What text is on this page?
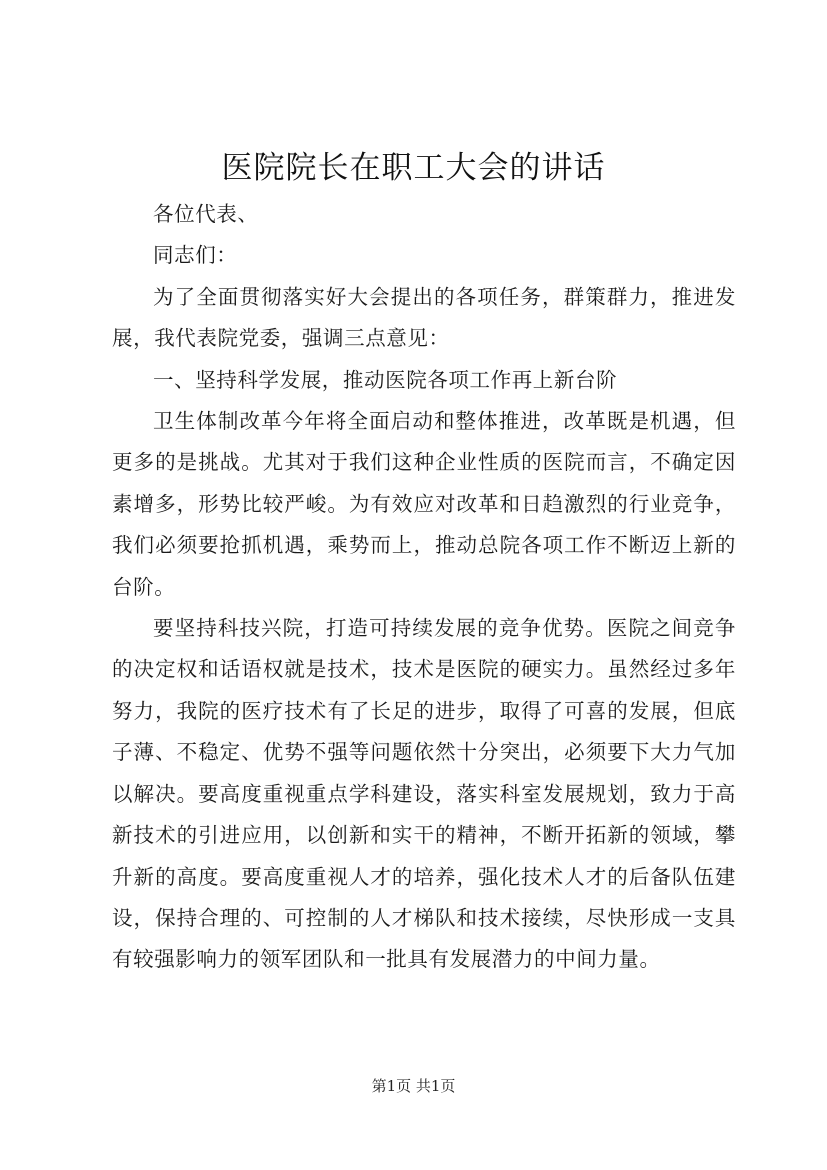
医院院长在职工大会的讲话

各位代表、

同志们：

为了全面贯彻落实好大会提出的各项任务，群策群力，推进发展，我代表院党委，强调三点意见：

一、坚持科学发展，推动医院各项工作再上新台阶

卫生体制改革今年将全面启动和整体推进，改革既是机遇，但更多的是挑战。尤其对于我们这种企业性质的医院而言，不确定因素增多，形势比较严峻。为有效应对改革和日趋激烈的行业竞争，我们必须要抢抓机遇，乘势而上，推动总院各项工作不断迈上新的台阶。

要坚持科技兴院，打造可持续发展的竞争优势。医院之间竞争的决定权和话语权就是技术，技术是医院的硬实力。虽然经过多年努力，我院的医疗技术有了长足的进步，取得了可喜的发展，但底子薄、不稳定、优势不强等问题依然十分突出，必须要下大力气加以解决。要高度重视重点学科建设，落实科室发展规划，致力于高新技术的引进应用，以创新和实干的精神，不断开拓新的领域，攀升新的高度。要高度重视人才的培养，强化技术人才的后备队伍建设，保持合理的、可控制的人才梯队和技术接续，尽快形成一支具有较强影响力的领军团队和一批具有发展潜力的中间力量。

第1页 共1页
